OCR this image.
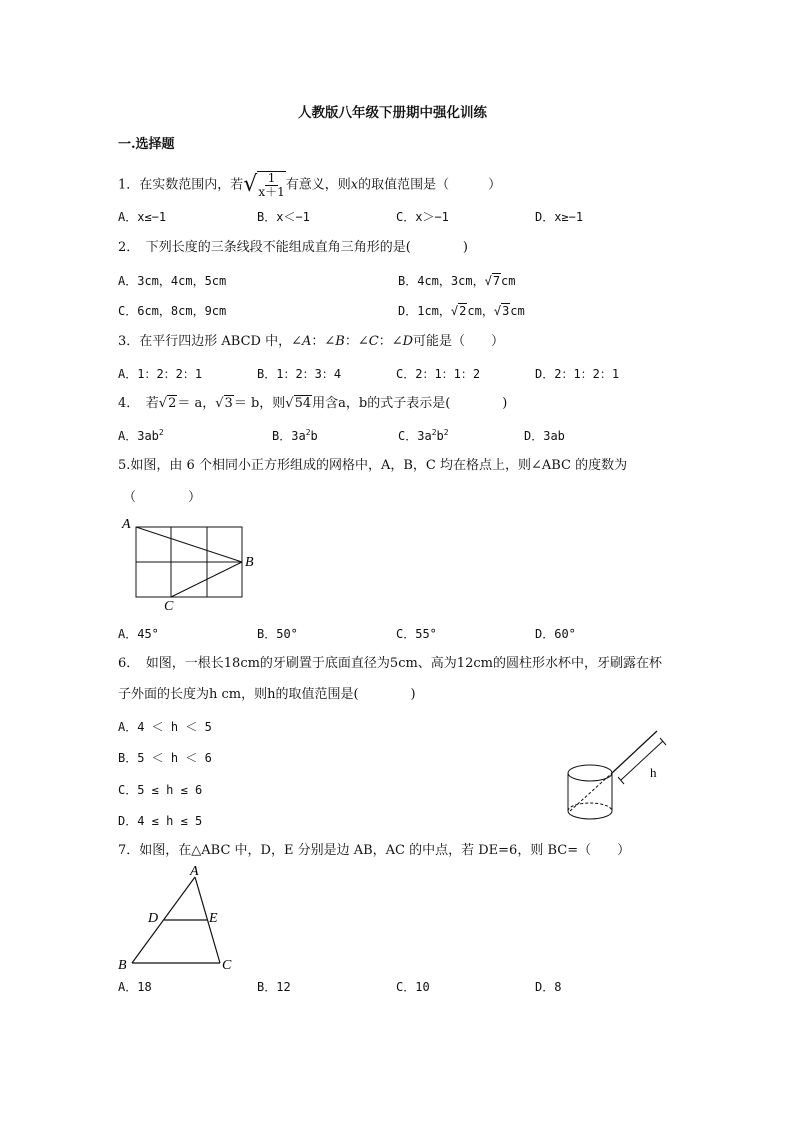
人教版八年级下册期中强化训练
一.选择题
1．在实数范围内，若√ $\frac{1}{x+1}$ 有意义，则x的取值范围是（　　　）
A．x≤−1	B．x＜−1	C．x＞−1	D．x≥−1
2．　下列长度的三条线段不能组成直角三角形的是(　　　　)
A．3cm，4cm，5cm	B．4cm，3cm，√7cm
C．6cm，8cm，9cm	D．1cm，√2cm，√3cm
3．在平行四边形 ABCD 中，∠A：∠B：∠C：∠D可能是（　　）
A．1：2：2：1	B．1：2：3：4	C．2：1：1：2	D．2：1：2：1
4．　若√2＝ a，√3＝ b，则√54用含a，b的式子表示是(　　　　)
A．$3ab^2$	B．$3a^2b$	C．$3a^2b^2$	D．3ab
5.如图，由 6 个相同小正方形组成的网格中，A，B，C 均在格点上，则∠ABC 的度数为
（　　　　）
A
B
C
A．45°	B．50°	C．55°	D．60°
6．　如图，一根长18cm的牙刷置于底面直径为5cm、高为12cm的圆柱形水杯中，牙刷露在杯
子外面的长度为h cm，则h的取值范围是(　　　　)
A．4 ＜ h ＜ 5
B．5 ＜ h ＜ 6
C．5 ≤ h ≤ 6
D．4 ≤ h ≤ 5
h
7．如图，在△ABC 中，D，E 分别是边 AB，AC 的中点，若 DE=6，则 BC=（　　）
A
B	C
D	E
A．18	B．12	C．10	D．8
